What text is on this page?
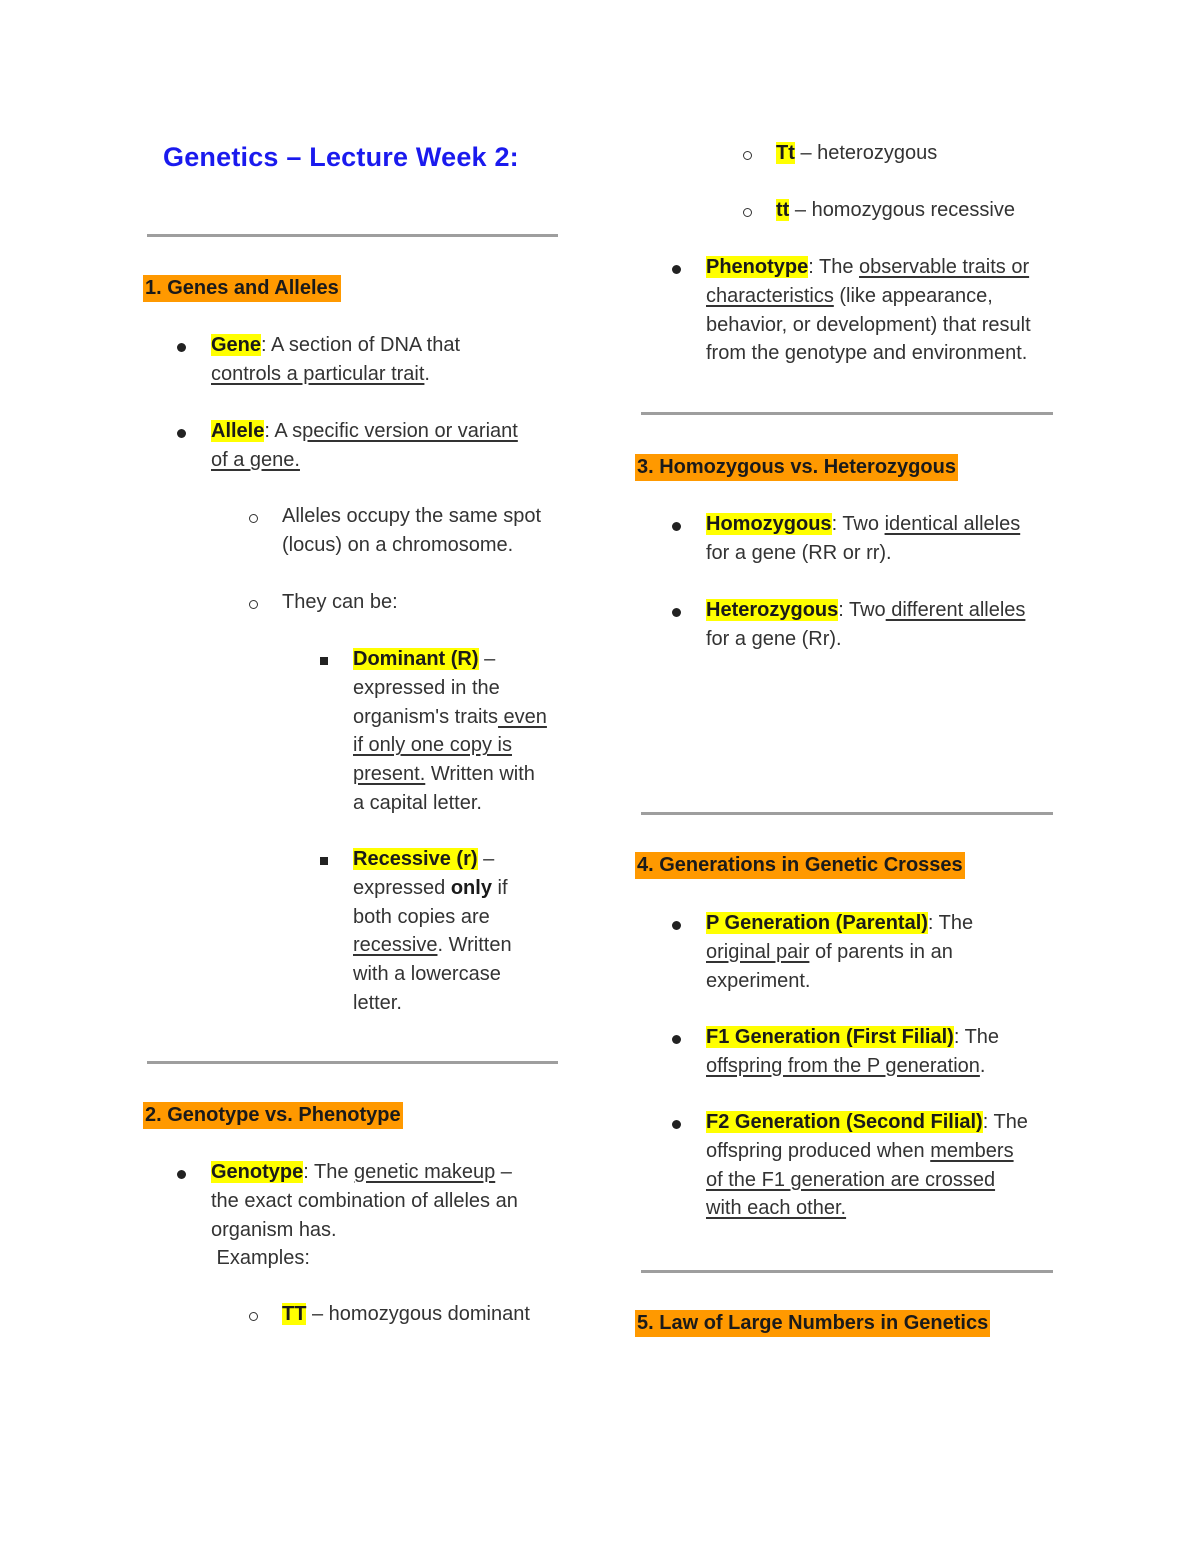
Genetics – Lecture Week 2:
1. Genes and Alleles
Gene: A section of DNA that
controls a particular trait.
Allele: A specific version or variant
of a gene.
Alleles occupy the same spot
(locus) on a chromosome.
They can be:
Dominant (R) –
expressed in the
organism's traits even
if only one copy is
present. Written with
a capital letter.
Recessive (r) –
expressed only if
both copies are
recessive. Written
with a lowercase
letter.
2. Genotype vs. Phenotype
Genotype: The genetic makeup –
the exact combination of alleles an
organism has.
Examples:
TT – homozygous dominant
Tt – heterozygous
tt – homozygous recessive
Phenotype: The observable traits or
characteristics (like appearance,
behavior, or development) that result
from the genotype and environment.
3. Homozygous vs. Heterozygous
Homozygous: Two identical alleles
for a gene (RR or rr).
Heterozygous: Two different alleles
for a gene (Rr).
4. Generations in Genetic Crosses
P Generation (Parental): The
original pair of parents in an
experiment.
F1 Generation (First Filial): The
offspring from the P generation.
F2 Generation (Second Filial): The
offspring produced when members
of the F1 generation are crossed
with each other.
5. Law of Large Numbers in Genetics
